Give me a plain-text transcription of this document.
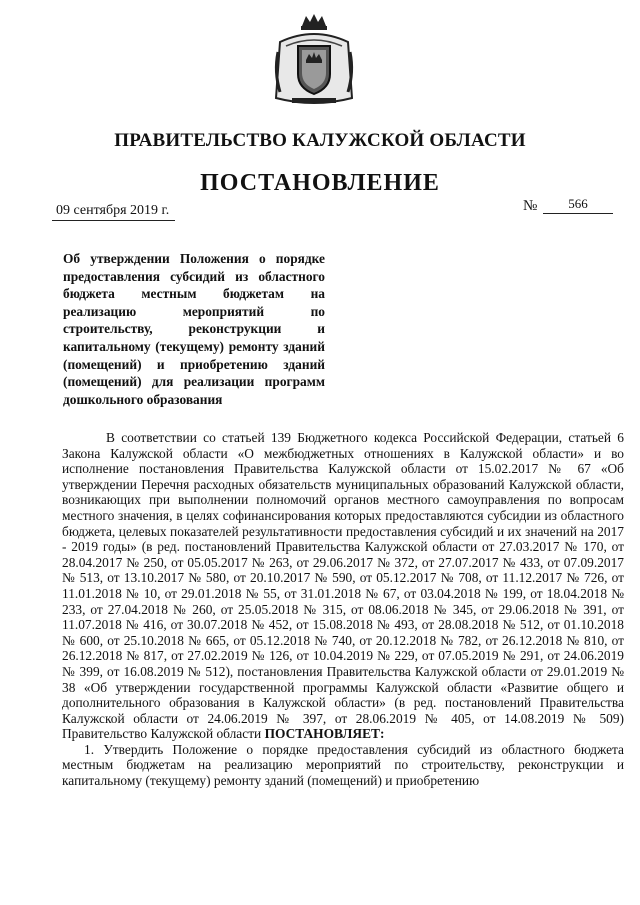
ПРАВИТЕЛЬСТВО КАЛУЖСКОЙ ОБЛАСТИ
ПОСТАНОВЛЕНИЕ
09 сентября 2019 г.	№	566
Об утверждении Положения о порядке предоставления субсидий из областного бюджета местным бюджетам на реализацию мероприятий по строительству, реконструкции и капитальному (текущему) ремонту зданий (помещений) и приобретению зданий (помещений) для реализации программ дошкольного образования

В соответствии со статьей 139 Бюджетного кодекса Российской Федерации, статьей 6 Закона Калужской области «О межбюджетных отношениях в Калужской области» и во исполнение постановления Правительства Калужской области от 15.02.2017 № 67 «Об утверждении Перечня расходных обязательств муниципальных образований Калужской области, возникающих при выполнении полномочий органов местного самоуправления по вопросам местного значения, в целях софинансирования которых предоставляются субсидии из областного бюджета, целевых показателей результативности предоставления субсидий и их значений на 2017 - 2019 годы» (в ред. постановлений Правительства Калужской области от 27.03.2017 № 170, от 28.04.2017 № 250, от 05.05.2017 № 263, от 29.06.2017 № 372, от 27.07.2017 № 433, от 07.09.2017 № 513, от 13.10.2017 № 580, от 20.10.2017 № 590, от 05.12.2017 № 708, от 11.12.2017 № 726, от 11.01.2018 № 10, от 29.01.2018 № 55, от 31.01.2018 № 67, от 03.04.2018 № 199, от 18.04.2018 № 233, от 27.04.2018 № 260, от 25.05.2018 № 315, от 08.06.2018 № 345, от 29.06.2018 № 391, от 11.07.2018 № 416, от 30.07.2018 № 452, от 15.08.2018 № 493, от 28.08.2018 № 512, от 01.10.2018 № 600, от 25.10.2018 № 665, от 05.12.2018 № 740, от 20.12.2018 № 782, от 26.12.2018 № 810, от 26.12.2018 № 817, от 27.02.2019 № 126, от 10.04.2019 № 229, от 07.05.2019 № 291, от 24.06.2019 № 399, от 16.08.2019 № 512), постановления Правительства Калужской области от 29.01.2019 № 38 «Об утверждении государственной программы Калужской области «Развитие общего и дополнительного образования в Калужской области» (в ред. постановлений Правительства Калужской области от 24.06.2019 № 397, от 28.06.2019 № 405, от 14.08.2019 № 509) Правительство Калужской области ПОСТАНОВЛЯЕТ:

1. Утвердить Положение о порядке предоставления субсидий из областного бюджета местным бюджетам на реализацию мероприятий по строительству, реконструкции и капитальному (текущему) ремонту зданий (помещений) и приобретению
